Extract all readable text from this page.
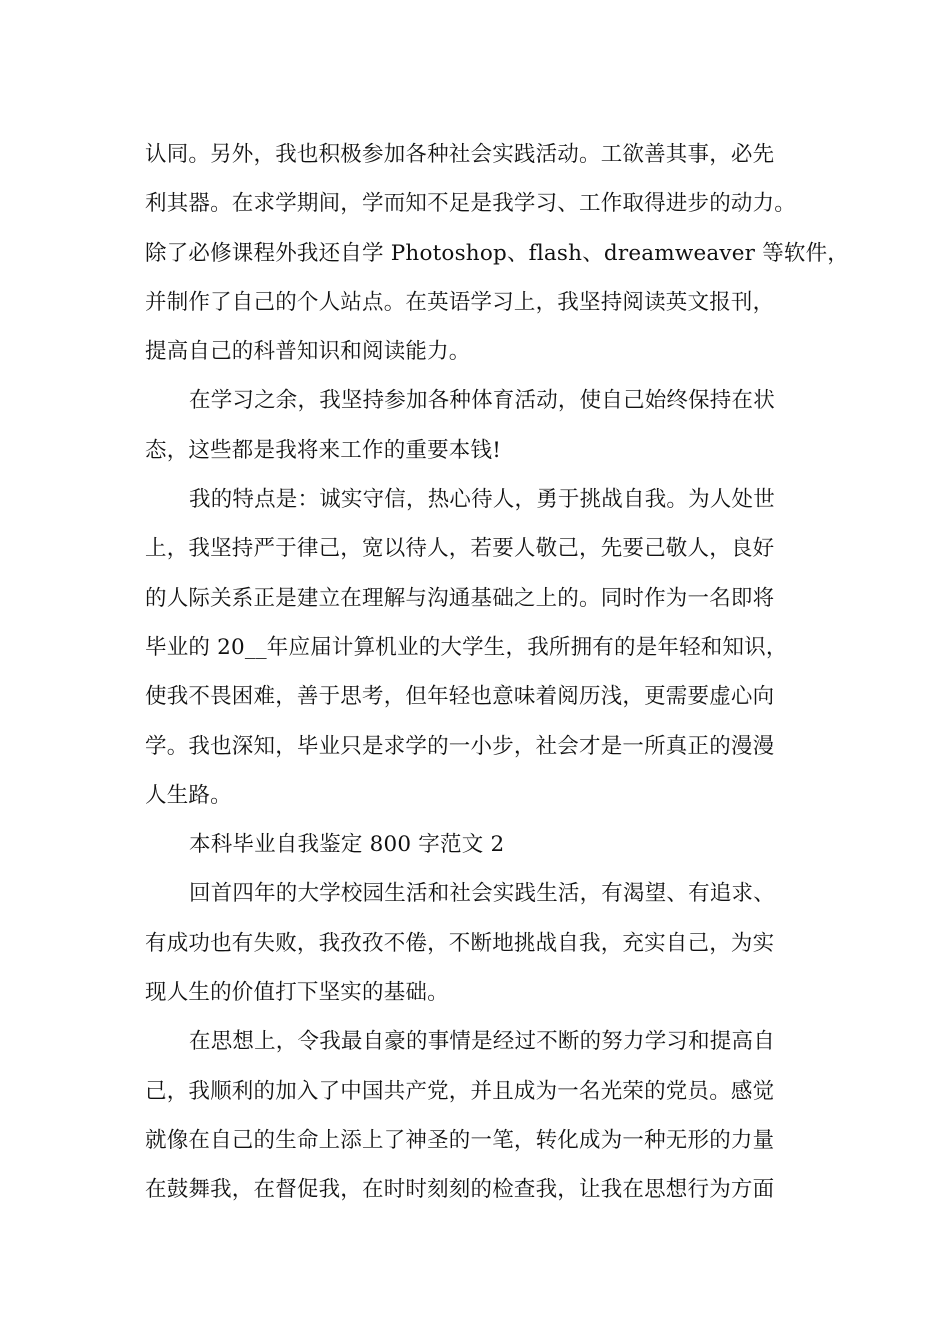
认同。另外，我也积极参加各种社会实践活动。工欲善其事，必先
利其器。在求学期间，学而知不足是我学习、工作取得进步的动力。
除了必修课程外我还自学 Photoshop、flash、dreamweaver 等软件，
并制作了自己的个人站点。在英语学习上，我坚持阅读英文报刊，
提高自己的科普知识和阅读能力。
在学习之余，我坚持参加各种体育活动，使自己始终保持在状
态，这些都是我将来工作的重要本钱!
我的特点是：诚实守信，热心待人，勇于挑战自我。为人处世
上，我坚持严于律己，宽以待人，若要人敬己，先要己敬人，良好
的人际关系正是建立在理解与沟通基础之上的。同时作为一名即将
毕业的 20__年应届计算机业的大学生，我所拥有的是年轻和知识，
使我不畏困难，善于思考，但年轻也意味着阅历浅，更需要虚心向
学。我也深知，毕业只是求学的一小步，社会才是一所真正的漫漫
人生路。
本科毕业自我鉴定 800 字范文 2
回首四年的大学校园生活和社会实践生活，有渴望、有追求、
有成功也有失败，我孜孜不倦，不断地挑战自我，充实自己，为实
现人生的价值打下坚实的基础。
在思想上，令我最自豪的事情是经过不断的努力学习和提高自
己，我顺利的加入了中国共产党，并且成为一名光荣的党员。感觉
就像在自己的生命上添上了神圣的一笔，转化成为一种无形的力量
在鼓舞我，在督促我，在时时刻刻的检查我，让我在思想行为方面
